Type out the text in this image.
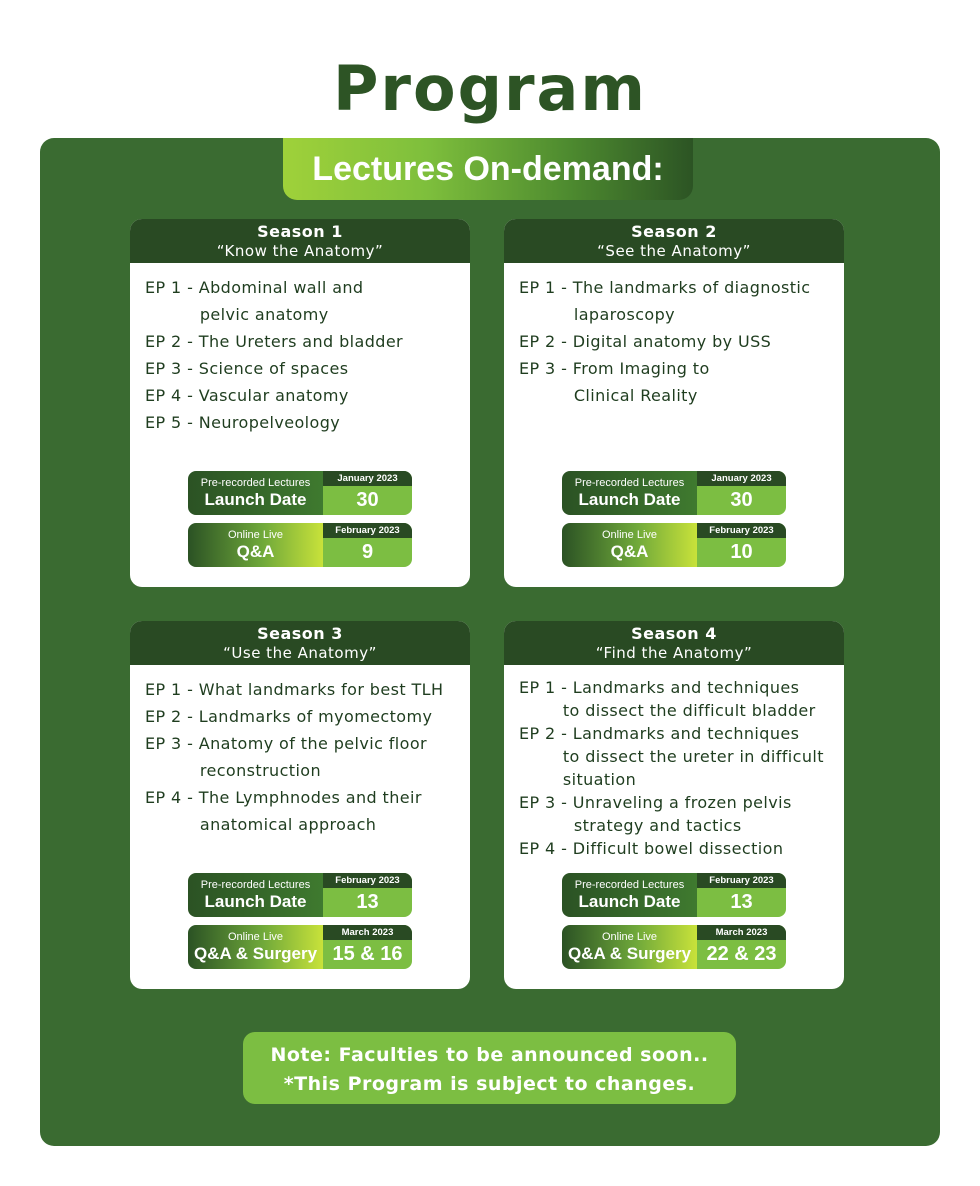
Program
Lectures On-demand:
Season 1
“Know the Anatomy”
EP 1 - Abdominal wall and
pelvic anatomy
EP 2 - The Ureters and bladder
EP 3 - Science of spaces
EP 4 - Vascular anatomy
EP 5 - Neuropelveology
Pre-recorded Lectures
Launch Date
January 2023
30
Online Live
Q&A
February 2023
9
Season 2
“See the Anatomy”
EP 1 - The landmarks of diagnostic
laparoscopy
EP 2 - Digital anatomy by USS
EP 3 - From Imaging to
Clinical Reality
Pre-recorded Lectures
Launch Date
January 2023
30
Online Live
Q&A
February 2023
10
Season 3
“Use the Anatomy”
EP 1 - What landmarks for best TLH
EP 2 - Landmarks of myomectomy
EP 3 - Anatomy of the pelvic floor
reconstruction
EP 4 - The Lymphnodes and their
anatomical approach
Pre-recorded Lectures
Launch Date
February 2023
13
Online Live
Q&A & Surgery
March 2023
15 & 16
Season 4
“Find the Anatomy”
EP 1 - Landmarks and techniques
to dissect the difficult bladder
EP 2 - Landmarks and techniques
to dissect the ureter in difficult
situation
EP 3 - Unraveling a frozen pelvis
strategy and tactics
EP 4 - Difficult bowel dissection
Pre-recorded Lectures
Launch Date
February 2023
13
Online Live
Q&A & Surgery
March 2023
22 & 23
Note: Faculties to be announced soon..
*This Program is subject to changes.
